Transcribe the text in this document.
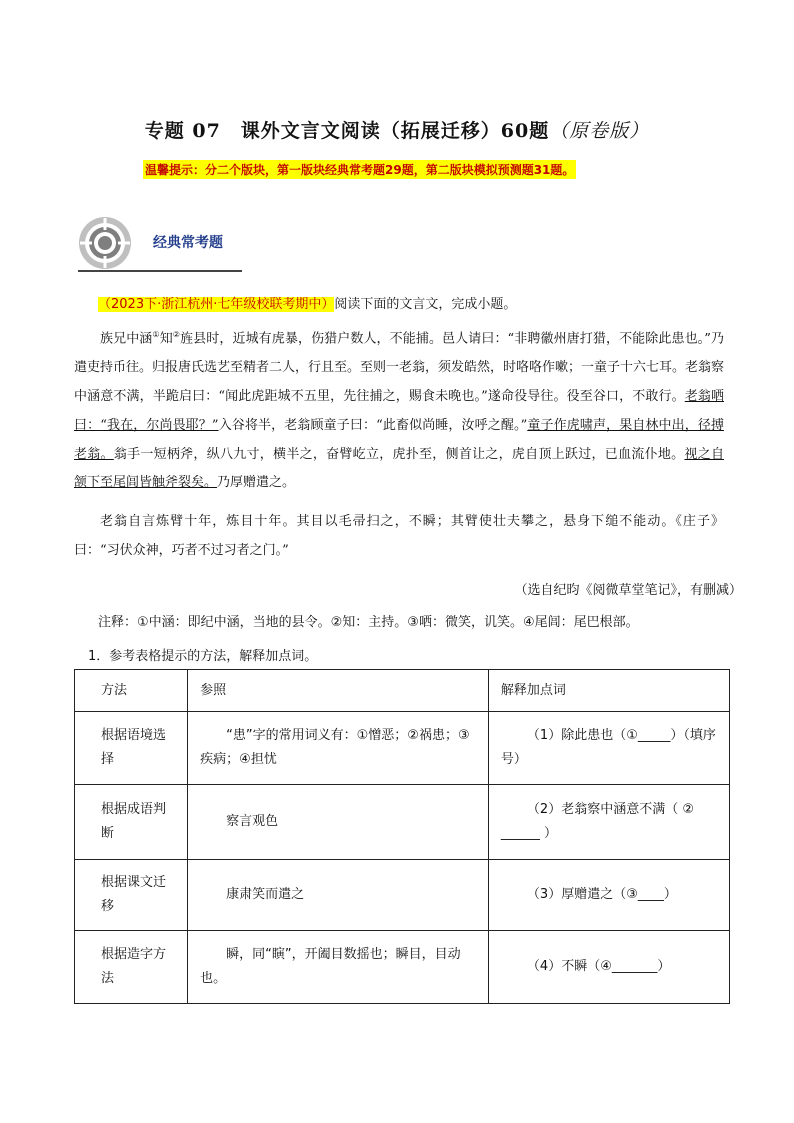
专题 07　课外文言文阅读（拓展迁移）60题（原卷版）
温馨提示：分二个版块，第一版块经典常考题29题，第二版块模拟预测题31题。
经典常考题
（2023下·浙江杭州·七年级校联考期中）阅读下面的文言文，完成小题。
族兄中涵①知②旌县时，近城有虎暴，伤猎户数人，不能捕。邑人请曰：“非聘徽州唐打猎，不能除此患也。”乃遣吏持币往。归报唐氏选艺至精者二人，行且至。至则一老翁，须发皓然，时咯咯作嗽；一童子十六七耳。老翁察中涵意不满，半跪启曰：“闻此虎距城不五里，先往捕之，赐食未晚也。”遂命役导往。役至谷口，不敢行。老翁哂曰：“我在，尔尚畏耶？”入谷将半，老翁顾童子曰：“此畜似尚睡，汝呼之醒。”童子作虎啸声，果自林中出，径搏老翁。翁手一短柄斧，纵八九寸，横半之，奋臂屹立，虎扑至，侧首让之，虎自顶上跃过，已血流仆地。视之自颔下至尾闾皆触斧裂矣。乃厚赠遣之。
老翁自言炼臂十年，炼目十年。其目以毛帚扫之，不瞬；其臂使壮夫攀之，悬身下缒不能动。《庄子》曰：“习伏众神，巧者不过习者之门。”
（选自纪昀《阅微草堂笔记》，有删减）
注释：①中涵：即纪中涵，当地的县令。②知：主持。③哂：微笑，讥笑。④尾闾：尾巴根部。
1．参考表格提示的方法，解释加点词。
方法	参照	解释加点词
根据语境选择	“患”字的常用词义有：①憎恶；②祸患；③疾病；④担忧	（1）除此患也（①_____）（填序号）
根据成语判断	察言观色	（2）老翁察中涵意不满（ ② ______ ）
根据课文迁移	康肃笑而遣之	（3）厚赠遣之（③____）
根据造字方法	瞬，同“瞚”，开阖目数摇也；瞬目，目动也。	（4）不瞬（④_______）
